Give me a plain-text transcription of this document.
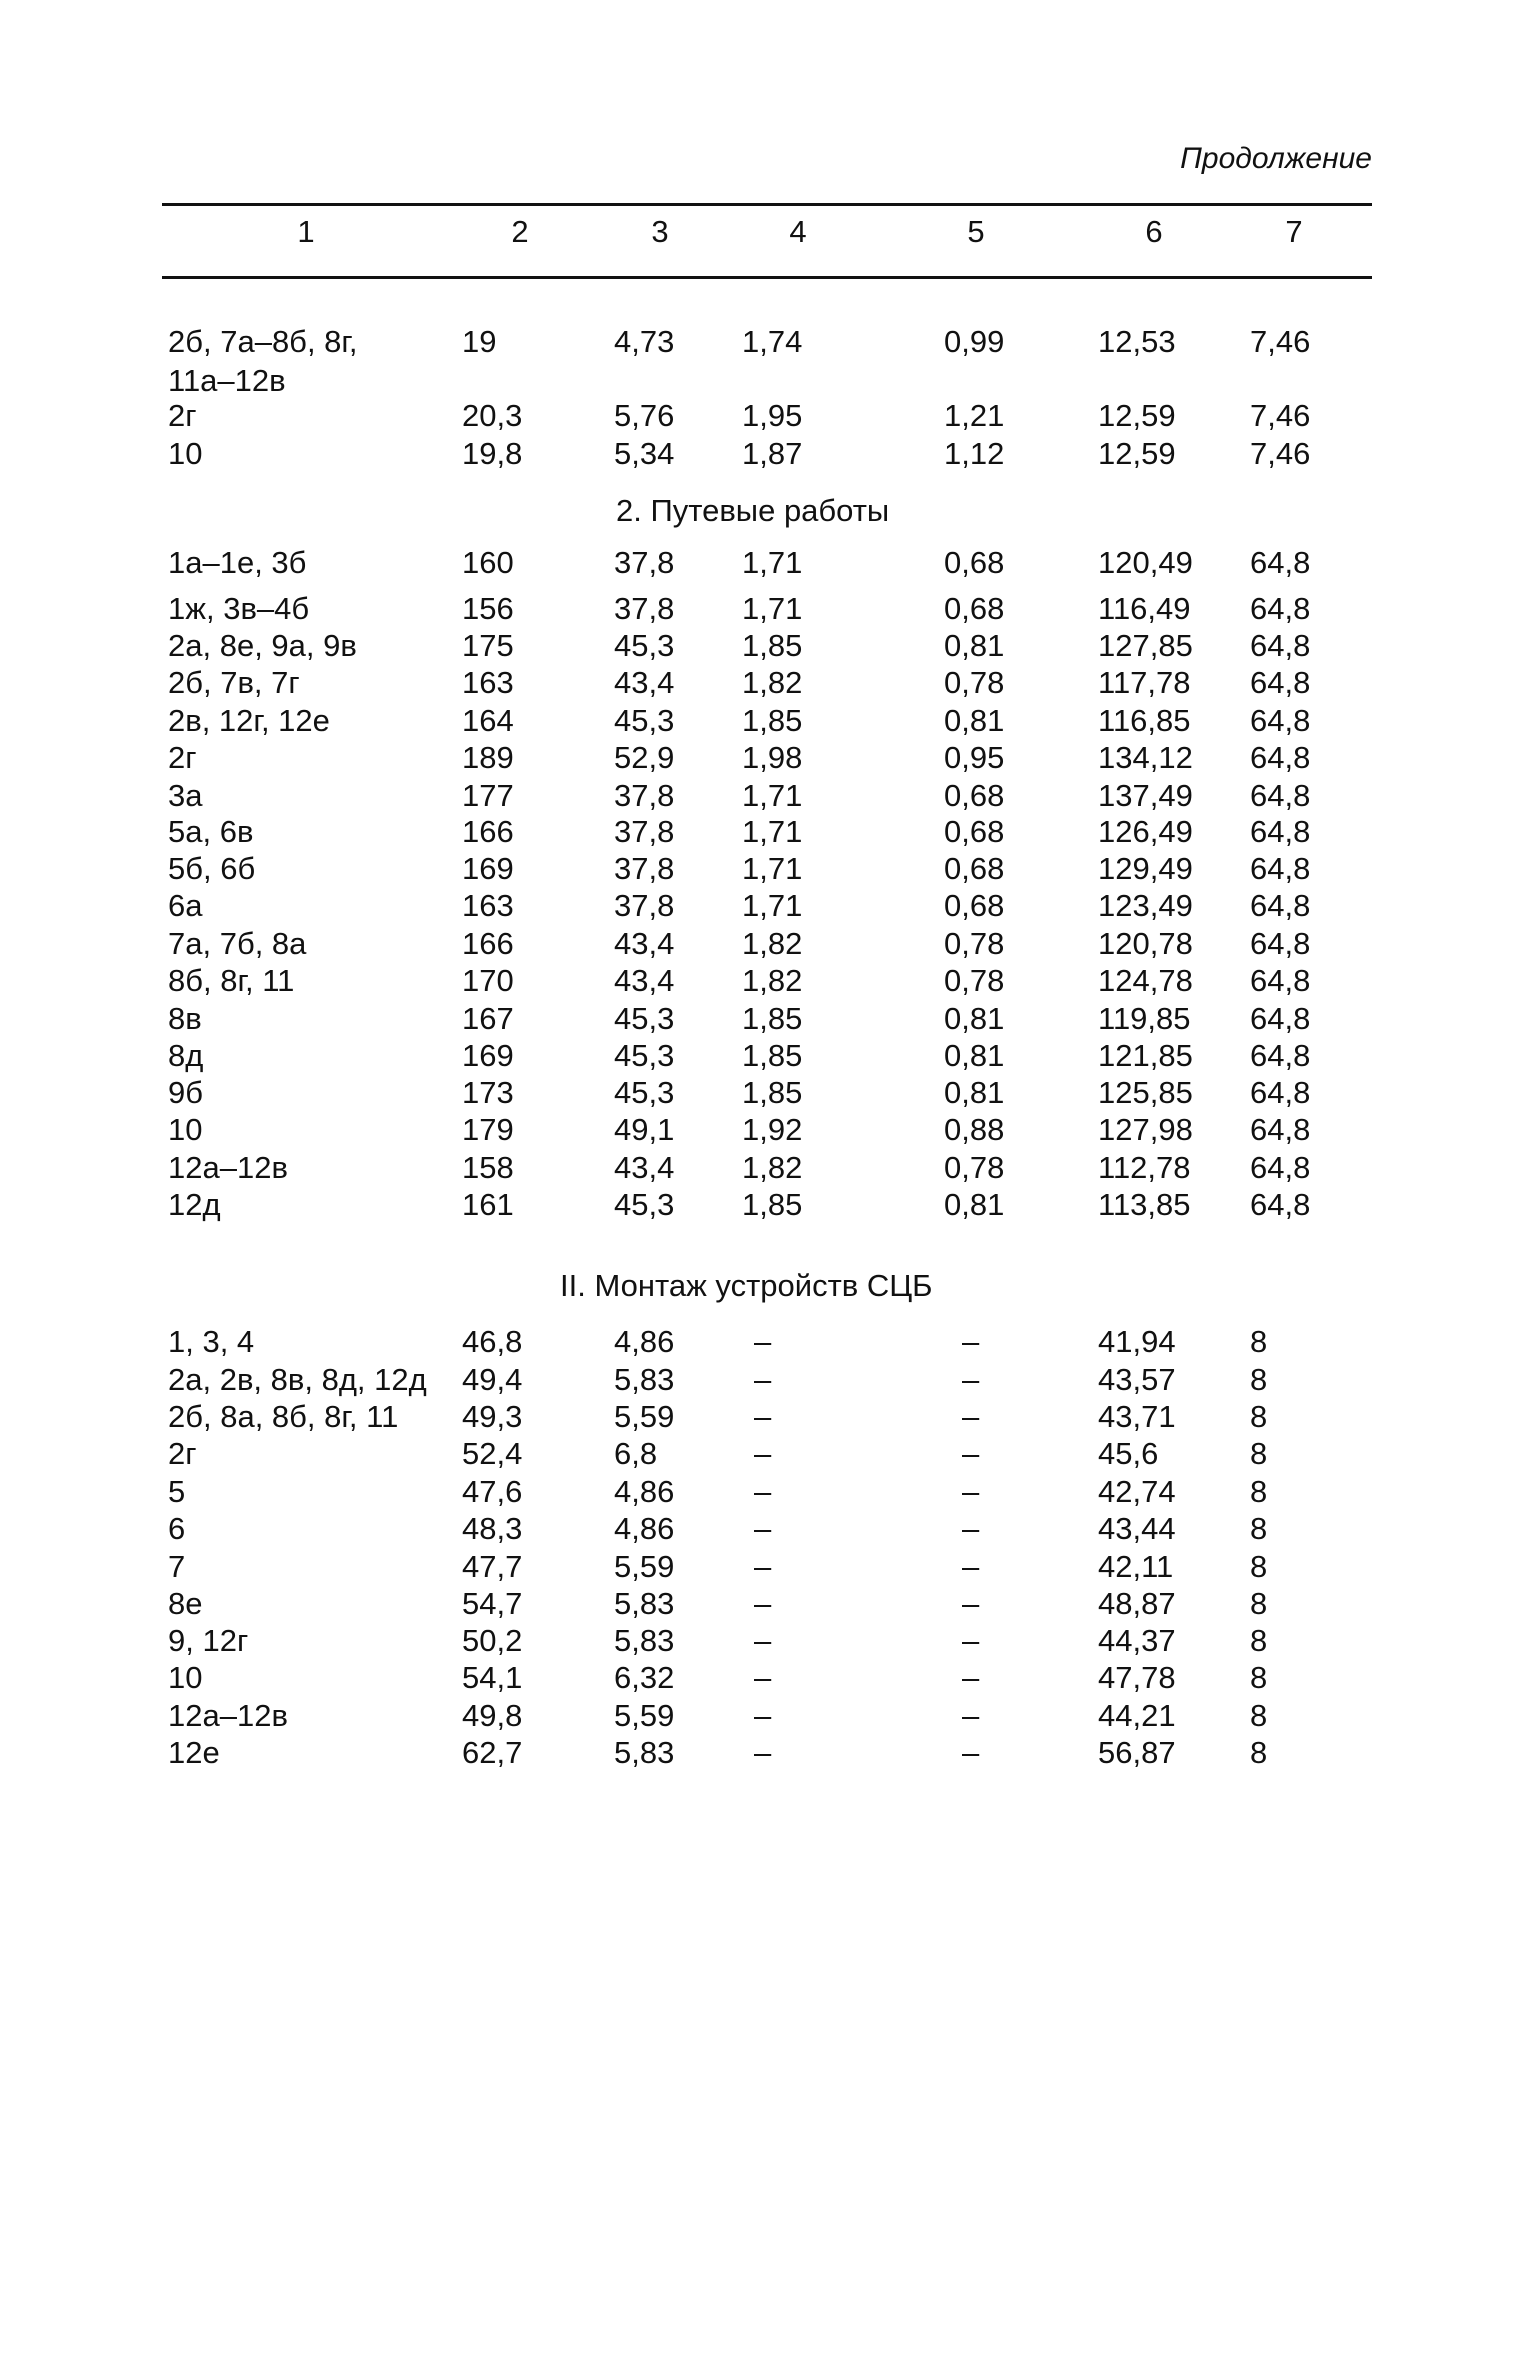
Продолжение
1	2	3	4	5	6	7
2б, 7а–8б, 8г,	19	4,73 1,74	0,99	12,53 7,46
11а–12в
2г	20,3	5,76 1,95	1,21	12,59 7,46
10	19,8	5,34 1,87	1,12	12,59 7,46
2. Путевые работы
1а–1е, 3б	160	37,8 1,71	0,68	120,49 64,8
1ж, 3в–4б	156	37,8 1,71	0,68	116,49 64,8
2а, 8е, 9а, 9в	175	45,3 1,85	0,81	127,85 64,8
2б, 7в, 7г	163	43,4 1,82	0,78	117,78 64,8
2в, 12г, 12е	164	45,3 1,85	0,81	116,85 64,8
2г	189	52,9 1,98	0,95	134,12 64,8
3а	177	37,8 1,71	0,68	137,49 64,8
5а, 6в	166	37,8 1,71	0,68	126,49 64,8
5б, 6б	169	37,8 1,71	0,68	129,49 64,8
6а	163	37,8 1,71	0,68	123,49 64,8
7а, 7б, 8а	166	43,4 1,82	0,78	120,78 64,8
8б, 8г, 11	170	43,4 1,82	0,78	124,78 64,8
8в	167	45,3 1,85	0,81	119,85 64,8
8д	169	45,3 1,85	0,81	121,85 64,8
9б	173	45,3 1,85	0,81	125,85 64,8
10	179	49,1 1,92	0,88	127,98 64,8
12а–12в	158	43,4 1,82	0,78	112,78 64,8
12д	161	45,3 1,85	0,81	113,85 64,8
II. Монтаж устройств СЦБ
1, 3, 4	46,8	4,86	–	–	41,94 8
2а, 2в, 8в, 8д, 12д 49,4	5,83	–	–	43,57 8
2б, 8а, 8б, 8г, 11 49,3	5,59	–	–	43,71 8
2г	52,4	6,8	–	–	45,6	8
5	47,6	4,86	–	–	42,74 8
6	48,3	4,86	–	–	43,44 8
7	47,7	5,59	–	–	42,11 8
8е	54,7	5,83	–	–	48,87 8
9, 12г	50,2	5,83	–	–	44,37 8
10	54,1	6,32	–	–	47,78 8
12а–12в	49,8	5,59	–	–	44,21 8
12е	62,7	5,83	–	–	56,87 8
